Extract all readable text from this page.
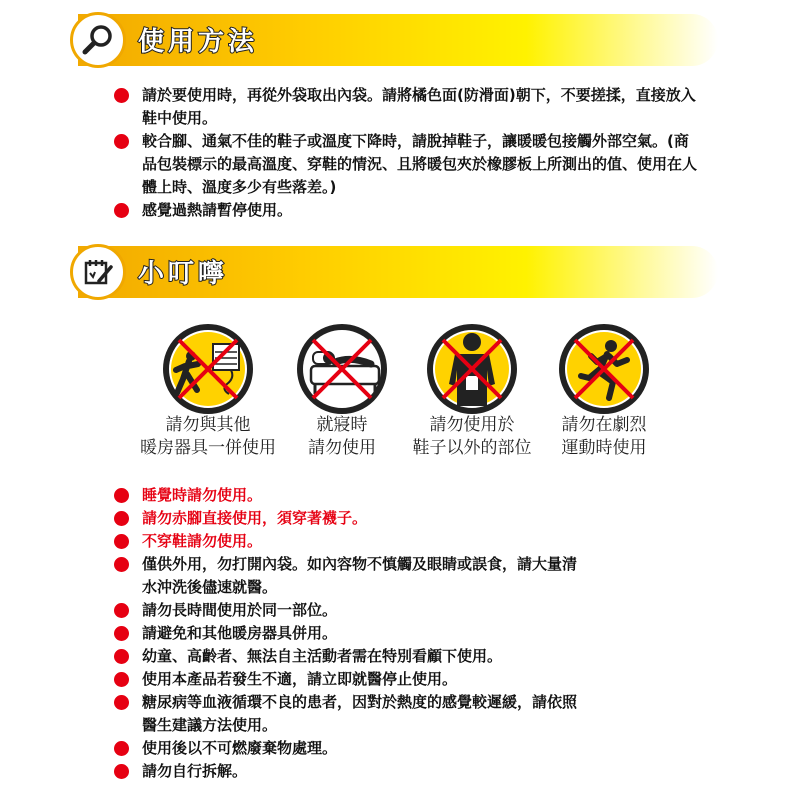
使用方法
請於要使用時，再從外袋取出內袋。請將橘色面(防滑面)朝下，不要搓揉，直接放入鞋中使用。
較合腳、通氣不佳的鞋子或溫度下降時，請脫掉鞋子，讓暖暖包接觸外部空氣。(商品包裝標示的最高溫度、穿鞋的情況、且將暖包夾於橡膠板上所測出的值、使用在人體上時、溫度多少有些落差。)
感覺過熱請暫停使用。
小叮嚀
請勿與其他
暖房器具一併使用
就寢時
請勿使用
請勿使用於
鞋子以外的部位
請勿在劇烈
運動時使用
睡覺時請勿使用。
請勿赤腳直接使用，須穿著襪子。
不穿鞋請勿使用。
僅供外用，勿打開內袋。如內容物不慎觸及眼睛或誤食，請大量清水沖洗後儘速就醫。
請勿長時間使用於同一部位。
請避免和其他暖房器具併用。
幼童、高齡者、無法自主活動者需在特別看顧下使用。
使用本產品若發生不適，請立即就醫停止使用。
糖尿病等血液循環不良的患者，因對於熱度的感覺較遲緩，請依照醫生建議方法使用。
使用後以不可燃廢棄物處理。
請勿自行拆解。
